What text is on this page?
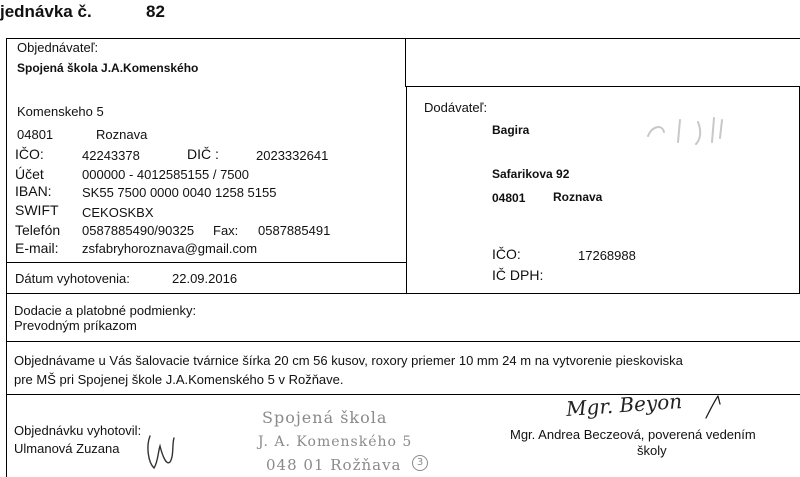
jednávka č.	82
Objednávateľ:
Spojená škola J.A.Komenského
Komenskeho 5
04801	Roznava
IČO:	42243378	DIČ :	2023332641
Účet	000000 - 4012585155 / 7500
IBAN: SK55 7500 0000 0040 1258 5155
SWIFT CEKOSKBX
Telefón 0587885490/90325 Fax: 0587885491
E-mail: zsfabryhoroznava@gmail.com
Dátum vyhotovenia:	22.09.2016
Dodávateľ:
Bagira
Safarikova 92
04801 Roznava
IČO:	17268988
IČ DPH:
Dodacie a platobné podmienky:
Prevodným príkazom
Objednávame u Vás šalovacie tvárnice šírka 20 cm 56 kusov, roxory priemer 10 mm 24 m na vytvorenie pieskoviska
pre MŠ pri Spojenej škole J.A.Komenského 5 v Rožňave.
Objednávku vyhotovil:
Ulmanová Zuzana
Spojená škola
J. A. Komenského 5
048 01 Rožňava	3
Mgr. Beyon
Mgr. Andrea Beczeová, poverená vedením
školy
